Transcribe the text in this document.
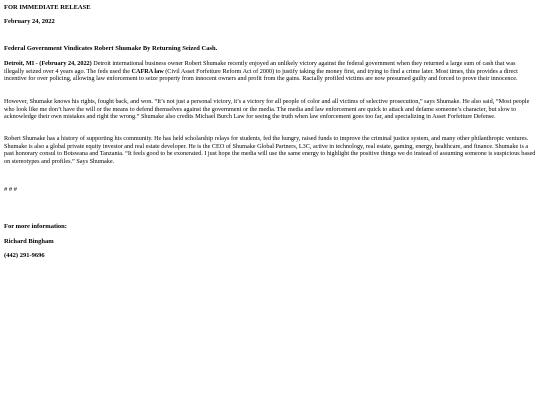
FOR IMMEDIATE RELEASE
February 24, 2022
Federal Government Vindicates Robert Shumake By Returning Seized Cash.

Detroit, MI - (February 24, 2022) Detroit international business owner Robert Shumake recently enjoyed an unlikely victory against the federal government when they returned a large sum of cash that was illegally seized over 4 years ago. The feds used the CAFRA law (Civil Asset Forfeiture Reform Act of 2000) to justify taking the money first, and trying to find a crime later. Most times, this provides a direct incentive for over policing, allowing law enforcement to seize property from innocent owners and profit from the gains. Racially profiled victims are now presumed guilty and forced to prove their innocence.

However, Shumake knows his rights, fought back, and won. “It’s not just a personal victory, it’s a victory for all people of color and all victims of selective prosecution,” says Shumake. He also said, “Most people who look like me don’t have the will or the means to defend themselves against the government or the media. The media and law enforcement are quick to attack and defame someone’s character, but slow to acknowledge their own mistakes and right the wrong.” Shumake also credits Michael Burch Law for seeing the truth when law enforcement goes too far, and specializing in Asset Forfeiture Defense.

Robert Shumake has a history of supporting his community. He has held scholarship relays for students, fed the hungry, raised funds to improve the criminal justice system, and many other philanthropic ventures. Shumake is also a global private equity investor and real estate developer. He is the CEO of Shumake Global Partners, L3C, active in technology, real estate, gaming, energy, healthcare, and finance. Shumake is a past honorary consul to Botswana and Tanzania. “It feels good to be exonerated. I just hope the media will use the same energy to highlight the positive things we do instead of assuming someone is suspicious based on stereotypes and profiles.” Says Shumake.

# # #
For more information:
Richard Bingham
(442) 291-9696
